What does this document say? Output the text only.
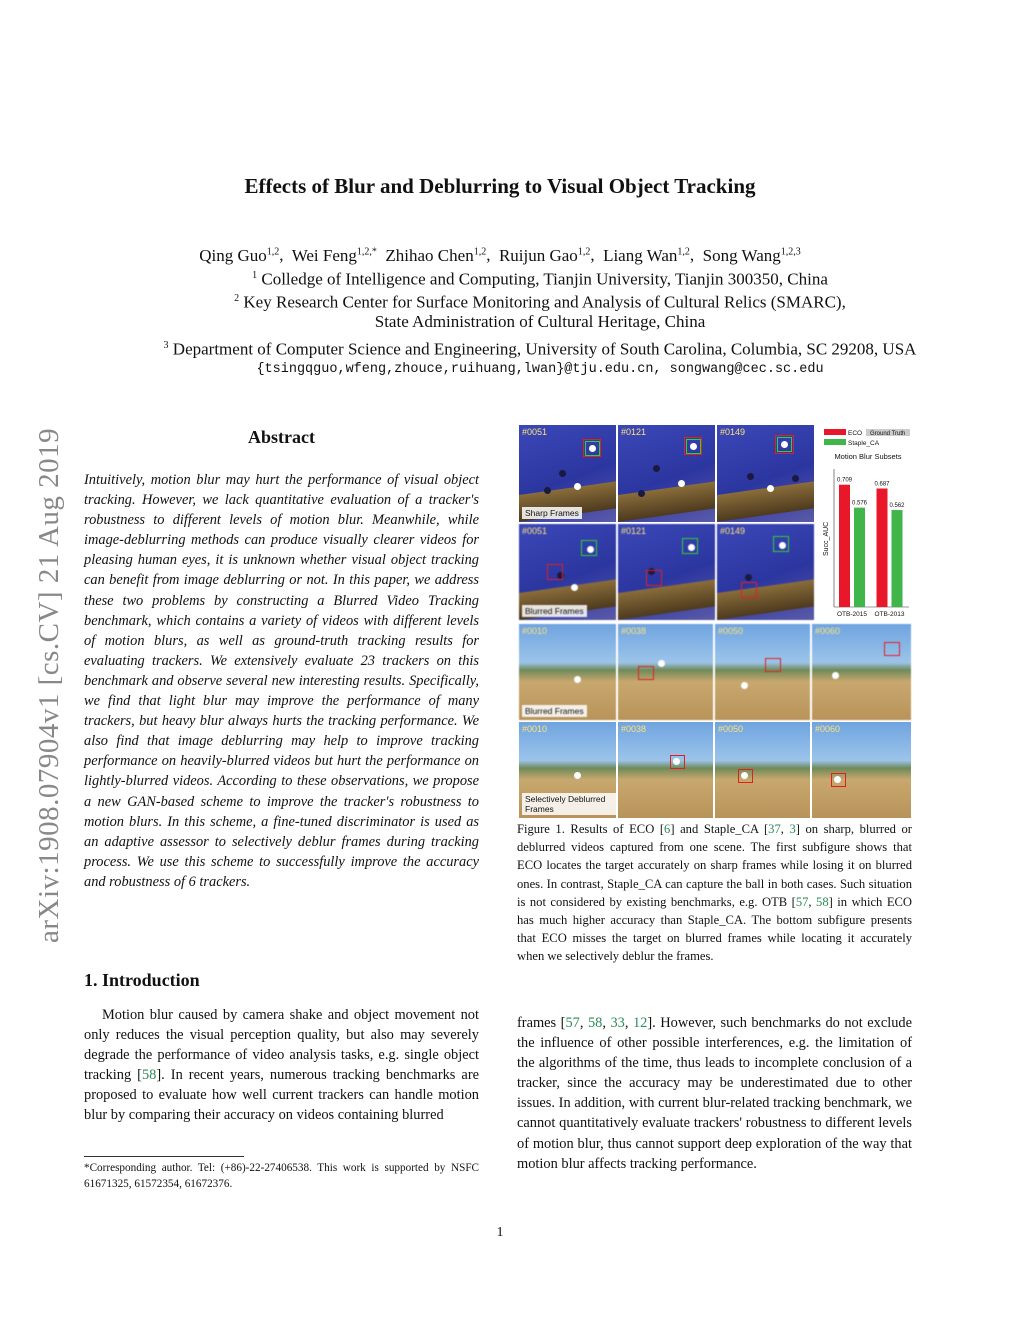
arXiv:1908.07904v1 [cs.CV] 21 Aug 2019
Effects of Blur and Deblurring to Visual Object Tracking
Qing Guo$^{1,2}$,  Wei Feng$^{1,2,*}$ Zhihao Chen$^{1,2}$,  Ruijun Gao$^{1,2}$,  Liang Wan$^{1,2}$,  Song Wang$^{1,2,3}$
$^1$ Colledge of Intelligence and Computing, Tianjin University, Tianjin 300350, China
$^2$ Key Research Center for Surface Monitoring and Analysis of Cultural Relics (SMARC),
State Administration of Cultural Heritage, China
$^3$ Department of Computer Science and Engineering, University of South Carolina, Columbia, SC 29208, USA
{tsingqguo,wfeng,zhouce,ruihuang,lwan}@tju.edu.cn, songwang@cec.sc.edu
Abstract
Intuitively, motion blur may hurt the performance of visual object tracking. However, we lack quantitative evaluation of a tracker's robustness to different levels of motion blur. Meanwhile, while image-deblurring methods can produce visually clearer videos for pleasing human eyes, it is unknown whether visual object tracking can benefit from image deblurring or not. In this paper, we address these two problems by constructing a Blurred Video Tracking benchmark, which contains a variety of videos with different levels of motion blurs, as well as ground-truth tracking results for evaluating trackers. We extensively evaluate 23 trackers on this benchmark and observe several new interesting results. Specifically, we find that light blur may improve the performance of many trackers, but heavy blur always hurts the tracking performance. We also find that image deblurring may help to improve tracking performance on heavily-blurred videos but hurt the performance on lightly-blurred videos. According to these observations, we propose a new GAN-based scheme to improve the tracker's robustness to motion blurs. In this scheme, a fine-tuned discriminator is used as an adaptive assessor to selectively deblur frames during tracking process. We use this scheme to successfully improve the accuracy and robustness of 6 trackers.
1. Introduction
Motion blur caused by camera shake and object movement not only reduces the visual perception quality, but also may severely degrade the performance of video analysis tasks, e.g. single object tracking [58]. In recent years, numerous tracking benchmarks are proposed to evaluate how well current trackers can handle motion blur by comparing their accuracy on videos containing blurred
*Corresponding author. Tel: (+86)-22-27406538. This work is supported by NSFC 61671325, 61572354, 61672376.
#0051
Sharp Frames
#0121	#0149
#0051
Blurred Frames
#0121	#0149
ECO Ground Truth
Staple_CA
Motion Blur Subsets
Succ_AUC
0.709
0.576
OTB-2015
0.687
0.562
OTB-2013
#0010
Blurred Frames
#0038	#0050	#0060
#0010
Selectively Deblurred Frames
#0038	#0050	#0060
Figure 1. Results of ECO [6] and Staple_CA [37, 3] on sharp, blurred or deblurred videos captured from one scene. The first subfigure shows that ECO locates the target accurately on sharp frames while losing it on blurred ones. In contrast, Staple_CA can capture the ball in both cases. Such situation is not considered by existing benchmarks, e.g. OTB [57, 58] in which ECO has much higher accuracy than Staple_CA. The bottom subfigure presents that ECO misses the target on blurred frames while locating it accurately when we selectively deblur the frames.
frames [57, 58, 33, 12]. However, such benchmarks do not exclude the influence of other possible interferences, e.g. the limitation of the algorithms of the time, thus leads to incomplete conclusion of a tracker, since the accuracy may be underestimated due to other issues. In addition, with current blur-related tracking benchmark, we cannot quantitatively evaluate trackers' robustness to different levels of motion blur, thus cannot support deep exploration of the way that motion blur affects tracking performance.
1
